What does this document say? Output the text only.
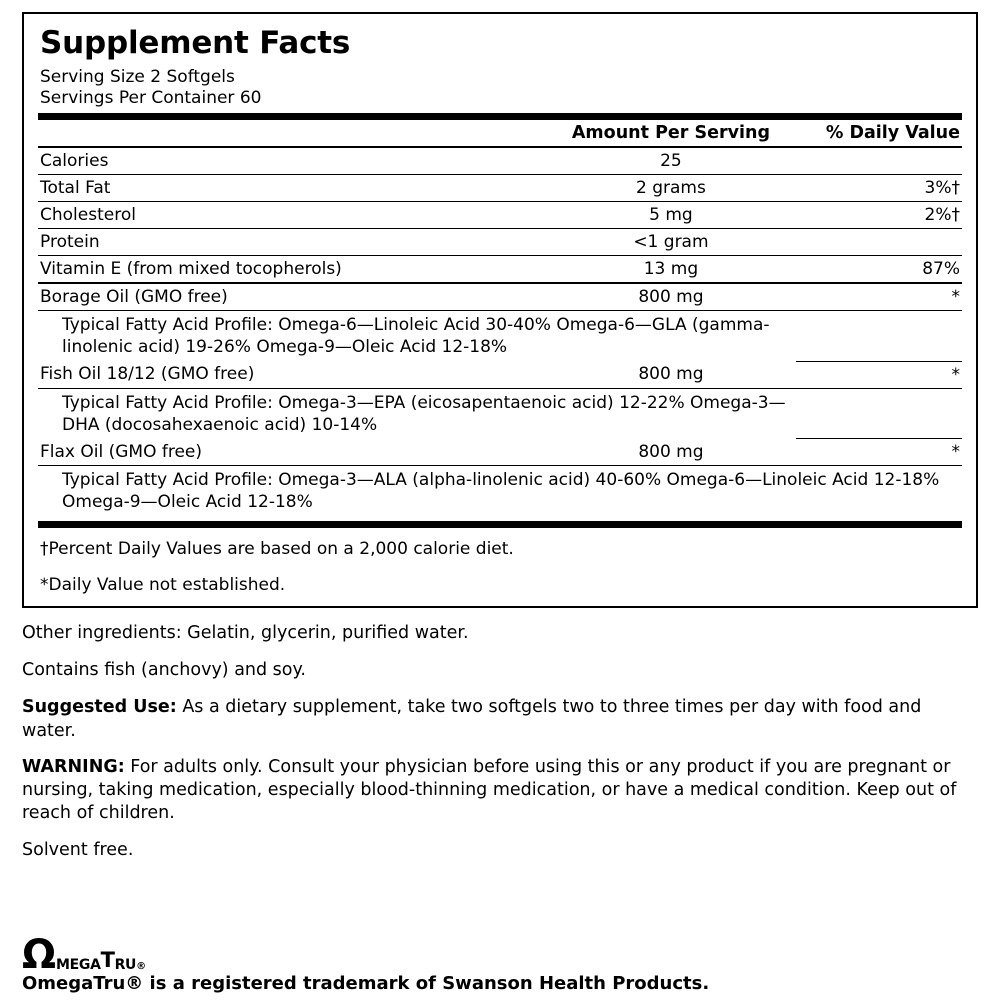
Supplement Facts
Serving Size 2 Softgels
Servings Per Container 60
	Amount Per Serving	% Daily Value
Calories	25	
Total Fat	2 grams	3%†
Cholesterol	5 mg	2%†
Protein	<1 gram	
Vitamin E (from mixed tocopherols)	13 mg	87%
Borage Oil (GMO free)	800 mg	*
Typical Fatty Acid Profile: Omega-6—Linoleic Acid 30-40% Omega-6—GLA (gamma-linolenic acid) 19-26% Omega-9—Oleic Acid 12-18%		
Fish Oil 18/12 (GMO free)	800 mg	*
Typical Fatty Acid Profile: Omega-3—EPA (eicosapentaenoic acid) 12-22% Omega-3—DHA (docosahexaenoic acid) 10-14%		
Flax Oil (GMO free)	800 mg	*
Typical Fatty Acid Profile: Omega-3—ALA (alpha-linolenic acid) 40-60% Omega-6—Linoleic Acid 12-18% Omega-9—Oleic Acid 12-18%		
†Percent Daily Values are based on a 2,000 calorie diet.
*Daily Value not established.

Other ingredients: Gelatin, glycerin, purified water.

Contains fish (anchovy) and soy.

Suggested Use: As a dietary supplement, take two softgels two to three times per day with food and water.

WARNING: For adults only. Consult your physician before using this or any product if you are pregnant or nursing, taking medication, especially blood-thinning medication, or have a medical condition. Keep out of reach of children.

Solvent free.

Ω MEGA T RU ®
OmegaTru® is a registered trademark of Swanson Health Products.
